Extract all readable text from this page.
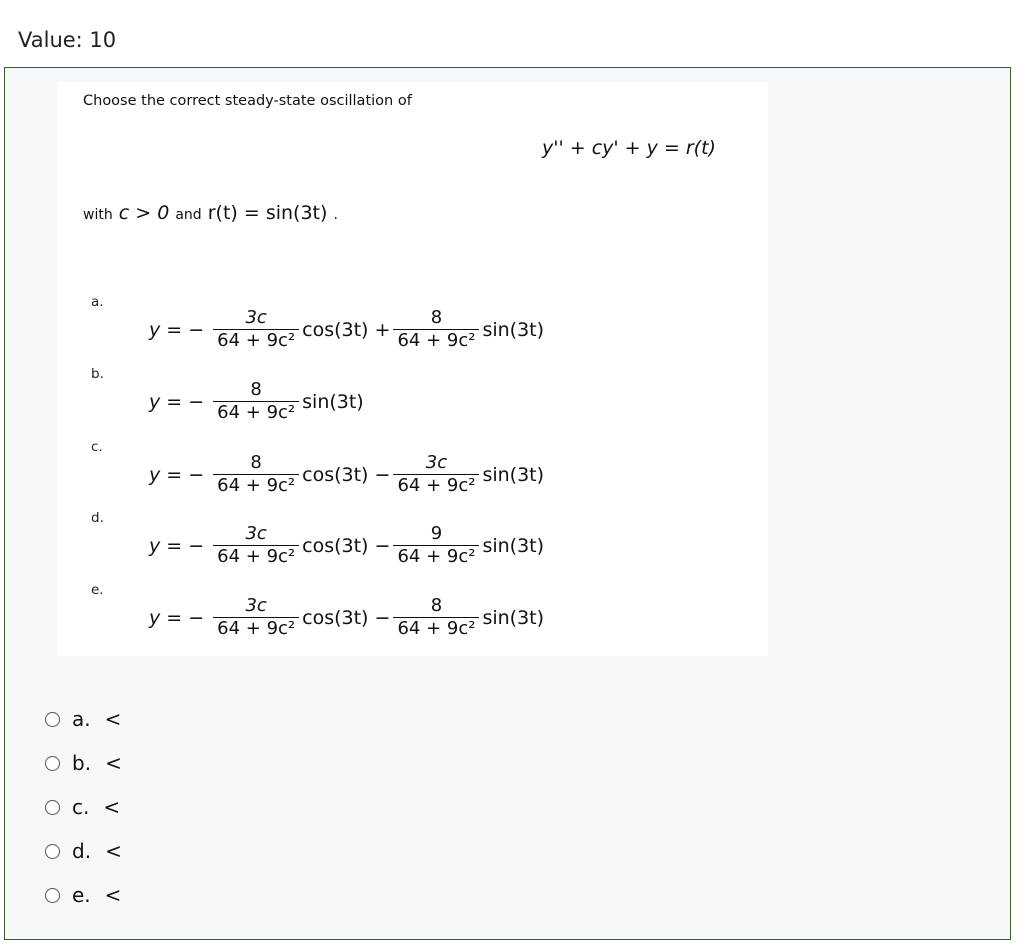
Value: 10
Choose the correct steady-state oscillation of
y'' + cy' + y = r(t)
with c > 0 and r(t) = sin(3t) .
a.
y = − $\frac{3c}{\text{64 + 9c²}} \cos(3t) + \frac{8}{\text{64 + 9c²}} \sin(3t)$
b.
y = − $\frac{8}{\text{64 + 9c²}} \sin(3t)$
c.
y = − $\frac{8}{\text{64 + 9c²}} \cos(3t) - \frac{3c}{\text{64 + 9c²}} \sin(3t)$
d.
y = − $\frac{3c}{\text{64 + 9c²}} \cos(3t) - \frac{9}{\text{64 + 9c²}} \sin(3t)$
e.
y = − $\frac{3c}{\text{64 + 9c²}} \cos(3t) - \frac{8}{\text{64 + 9c²}} \sin(3t)$
a. <
b. <
c. <
d. <
e. <
